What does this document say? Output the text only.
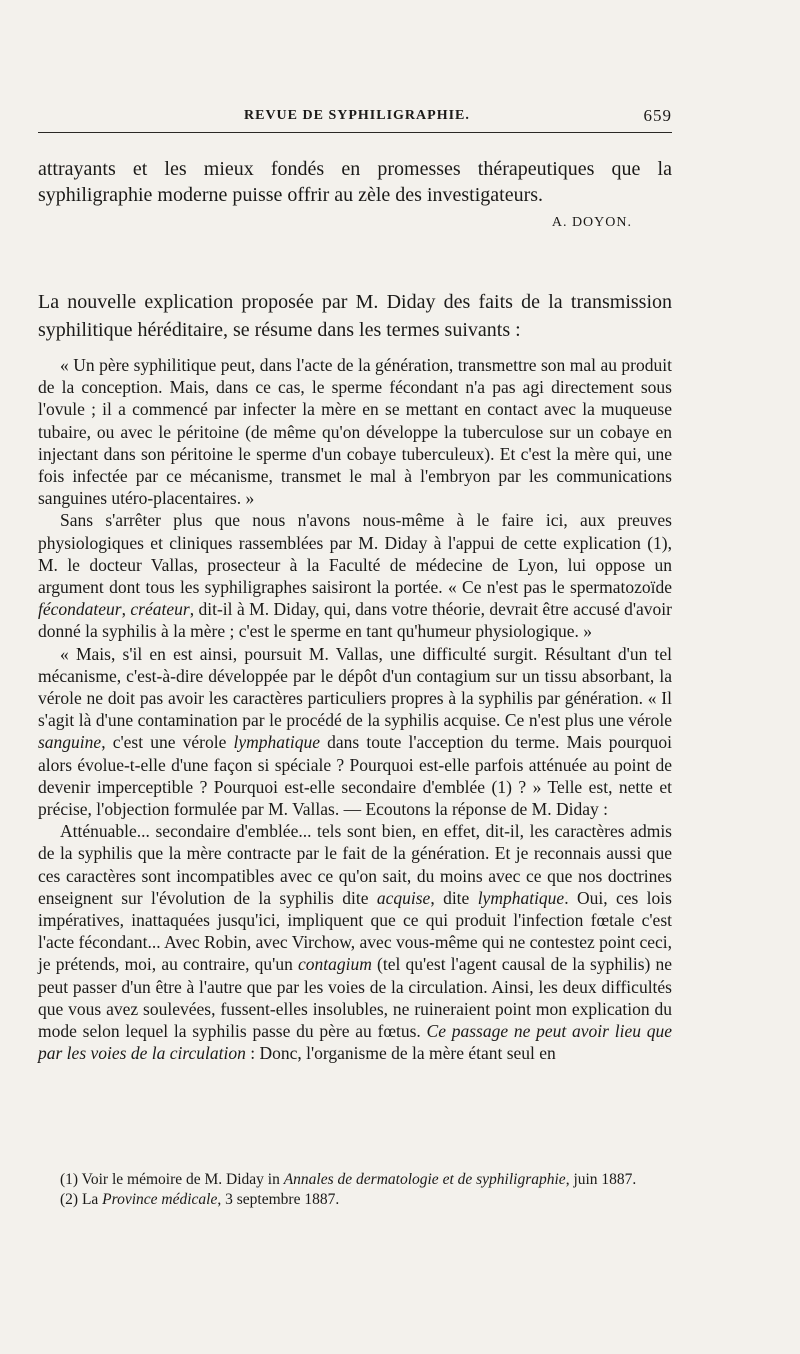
REVUE DE SYPHILIGRAPHIE.	659

attrayants et les mieux fondés en promesses thérapeutiques que la syphiligraphie moderne puisse offrir au zèle des investigateurs.

A. DOYON.

La nouvelle explication proposée par M. Diday des faits de la transmission syphilitique héréditaire, se résume dans les termes suivants :

« Un père syphilitique peut, dans l'acte de la génération, transmettre son mal au produit de la conception. Mais, dans ce cas, le sperme fécondant n'a pas agi directement sous l'ovule ; il a commencé par infecter la mère en se mettant en contact avec la muqueuse tubaire, ou avec le péritoine (de même qu'on développe la tuberculose sur un cobaye en injectant dans son péritoine le sperme d'un cobaye tuberculeux). Et c'est la mère qui, une fois infectée par ce mécanisme, transmet le mal à l'embryon par les communications sanguines utéro-placentaires. »

Sans s'arrêter plus que nous n'avons nous-même à le faire ici, aux preuves physiologiques et cliniques rassemblées par M. Diday à l'appui de cette explication (1), M. le docteur Vallas, prosecteur à la Faculté de médecine de Lyon, lui oppose un argument dont tous les syphiligraphes saisiront la portée. « Ce n'est pas le spermatozoïde fécondateur, créateur, dit-il à M. Diday, qui, dans votre théorie, devrait être accusé d'avoir donné la syphilis à la mère ; c'est le sperme en tant qu'humeur physiologique. »

« Mais, s'il en est ainsi, poursuit M. Vallas, une difficulté surgit. Résultant d'un tel mécanisme, c'est-à-dire développée par le dépôt d'un contagium sur un tissu absorbant, la vérole ne doit pas avoir les caractères particuliers propres à la syphilis par génération. « Il s'agit là d'une contamination par le procédé de la syphilis acquise. Ce n'est plus une vérole sanguine, c'est une vérole lymphatique dans toute l'acception du terme. Mais pourquoi alors évolue-t-elle d'une façon si spéciale ? Pourquoi est-elle parfois atténuée au point de devenir imperceptible ? Pourquoi est-elle secondaire d'emblée (1) ? » Telle est, nette et précise, l'objection formulée par M. Vallas. — Ecoutons la réponse de M. Diday :

Atténuable... secondaire d'emblée... tels sont bien, en effet, dit-il, les caractères admis de la syphilis que la mère contracte par le fait de la génération. Et je reconnais aussi que ces caractères sont incompatibles avec ce qu'on sait, du moins avec ce que nos doctrines enseignent sur l'évolution de la syphilis dite acquise, dite lymphatique. Oui, ces lois impératives, inattaquées jusqu'ici, impliquent que ce qui produit l'infection fœtale c'est l'acte fécondant... Avec Robin, avec Virchow, avec vous-même qui ne contestez point ceci, je prétends, moi, au contraire, qu'un contagium (tel qu'est l'agent causal de la syphilis) ne peut passer d'un être à l'autre que par les voies de la circulation. Ainsi, les deux difficultés que vous avez soulevées, fussent-elles insolubles, ne ruineraient point mon explication du mode selon lequel la syphilis passe du père au fœtus. Ce passage ne peut avoir lieu que par les voies de la circulation : Donc, l'organisme de la mère étant seul en

(1) Voir le mémoire de M. Diday in Annales de dermatologie et de syphiligraphie, juin 1887.

(2) La Province médicale, 3 septembre 1887.
